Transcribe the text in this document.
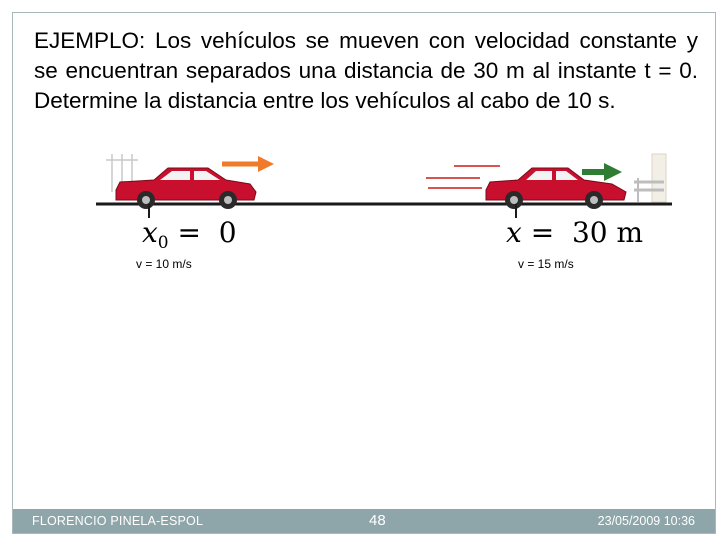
EJEMPLO: Los vehículos se mueven con velocidad constante y se encuentran separados una distancia de 30 m al instante t = 0. Determine la distancia entre los vehículos al cabo de 10 s.

$x_0 = 0$
v = 10 m/s
x =  30 m
v = 15 m/s
FLORENCIO PINELA-ESPOL	48	23/05/2009 10:36
